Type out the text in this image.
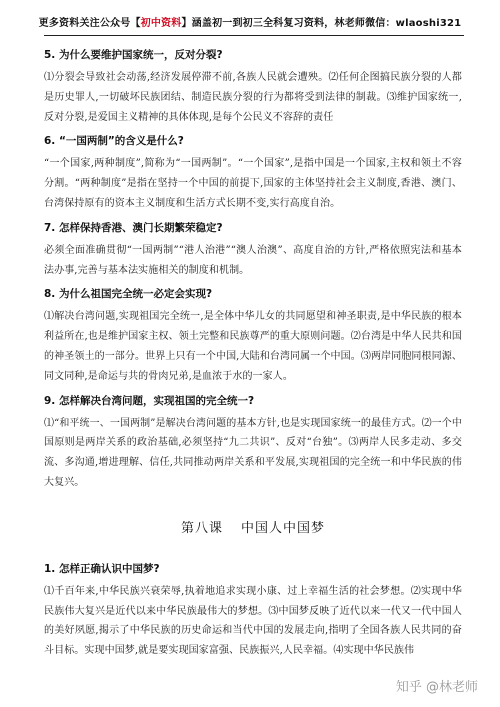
更多资料关注公众号【初中资料】涵盖初一到初三全科复习资料，林老师微信：wlaoshi321
5. 为什么要维护国家统一，反对分裂?
⑴分裂会导致社会动荡,经济发展停滞不前,各族人民就会遭殃。⑵任何企图搞民族分裂的人都是历史罪人,一切破坏民族团结、制造民族分裂的行为都将受到法律的制裁。⑶维护国家统一,反对分裂,是爱国主义精神的具体体现,是每个公民义不容辞的责任
6. “一国两制”的含义是什么?
“一个国家,两种制度”,简称为“一国两制”。“一个国家”,是指中国是一个国家,主权和领土不容分割。“两种制度”是指在坚持一个中国的前提下,国家的主体坚持社会主义制度,香港、澳门、台湾保持原有的资本主义制度和生活方式长期不变,实行高度自治。
7. 怎样保持香港、澳门长期繁荣稳定?
必须全面准确贯彻“一国两制”“港人治港”“澳人治澳”、高度自治的方针,严格依照宪法和基本法办事,完善与基本法实施相关的制度和机制。
8. 为什么祖国完全统一必定会实现?
⑴解决台湾问题,实现祖国完全统一,是全体中华儿女的共同愿望和神圣职责,是中华民族的根本利益所在,也是维护国家主权、领土完整和民族尊严的重大原则问题。⑵台湾是中华人民共和国的神圣领土的一部分。世界上只有一个中国,大陆和台湾同属一个中国。⑶两岸同胞同根同源、同文同种,是命运与共的骨肉兄弟,是血浓于水的一家人。
9. 怎样解决台湾问题，实现祖国的完全统一?
⑴“和平统一、一国两制”是解决台湾问题的基本方针,也是实现国家统一的最佳方式。⑵一个中国原则是两岸关系的政治基础,必须坚持“九二共识”、反对“台独”。⑶两岸人民多走动、多交流、多沟通,增进理解、信任,共同推动两岸关系和平发展,实现祖国的完全统一和中华民族的伟大复兴。
第八课 中国人中国梦
1. 怎样正确认识中国梦?
⑴千百年来,中华民族兴衰荣辱,执着地追求实现小康、过上幸福生活的社会梦想。⑵实现中华民族伟大复兴是近代以来中华民族最伟大的梦想。⑶中国梦反映了近代以来一代又一代中国人的美好夙愿,揭示了中华民族的历史命运和当代中国的发展走向,指明了全国各族人民共同的奋斗目标。实现中国梦,就是要实现国家富强、民族振兴,人民幸福。⑷实现中华民族伟
知乎 @林老师
